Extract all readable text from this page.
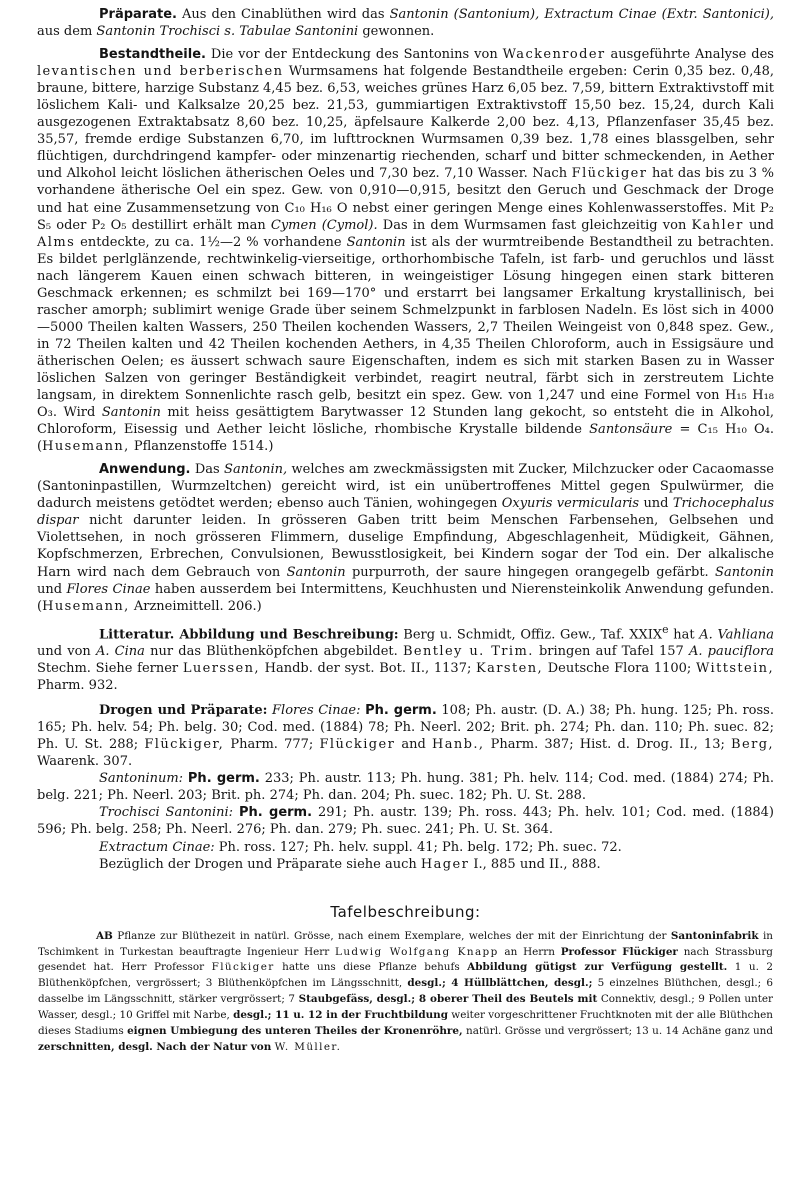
Präparate. Aus den Cinablüthen wird das Santonin (Santonium), Extractum Cinae (Extr. Santonici), aus dem Santonin Trochisci s. Tabulae Santonini gewonnen.

Bestandtheile. Die vor der Entdeckung des Santonins von Wackenroder ausgeführte Analyse des levantischen und berberischen Wurmsamens hat folgende Bestandtheile ergeben: Cerin 0,35 bez. 0,48, braune, bittere, harzige Substanz 4,45 bez. 6,53, weiches grünes Harz 6,05 bez. 7,59, bittern Extraktivstoff mit löslichem Kali- und Kalksalze 20,25 bez. 21,53, gummiartigen Extraktivstoff 15,50 bez. 15,24, durch Kali ausgezogenen Extraktabsatz 8,60 bez. 10,25, äpfelsaure Kalkerde 2,00 bez. 4,13, Pflanzenfaser 35,45 bez. 35,57, fremde erdige Substanzen 6,70, im lufttrocknen Wurmsamen 0,39 bez. 1,78 eines blassgelben, sehr flüchtigen, durchdringend kampfer- oder minzenartig riechenden, scharf und bitter schmeckenden, in Aether und Alkohol leicht löslichen ätherischen Oeles und 7,30 bez. 7,10 Wasser. Nach Flückiger hat das bis zu 3 % vorhandene ätherische Oel ein spez. Gew. von 0,910—0,915, besitzt den Geruch und Geschmack der Droge und hat eine Zusammensetzung von C₁₀ H₁₆ O nebst einer geringen Menge eines Kohlenwasserstoffes. Mit P₂ S₅ oder P₂ O₅ destillirt erhält man Cymen (Cymol). Das in dem Wurmsamen fast gleichzeitig von Kahler und Alms entdeckte, zu ca. 1½—2 % vorhandene Santonin ist als der wurmtreibende Bestandtheil zu betrachten. Es bildet perlglänzende, rechtwinkelig-vierseitige, orthorhombische Tafeln, ist farb- und geruchlos und lässt nach längerem Kauen einen schwach bitteren, in weingeistiger Lösung hingegen einen stark bitteren Geschmack erkennen; es schmilzt bei 169—170° und erstarrt bei langsamer Erkaltung krystallinisch, bei rascher amorph; sublimirt wenige Grade über seinem Schmelzpunkt in farblosen Nadeln. Es löst sich in 4000—5000 Theilen kalten Wassers, 250 Theilen kochenden Wassers, 2,7 Theilen Weingeist von 0,848 spez. Gew., in 72 Theilen kalten und 42 Theilen kochenden Aethers, in 4,35 Theilen Chloroform, auch in Essigsäure und ätherischen Oelen; es äussert schwach saure Eigenschaften, indem es sich mit starken Basen zu in Wasser löslichen Salzen von geringer Beständigkeit verbindet, reagirt neutral, färbt sich in zerstreutem Lichte langsam, in direktem Sonnenlichte rasch gelb, besitzt ein spez. Gew. von 1,247 und eine Formel von H₁₅ H₁₈ O₃. Wird Santonin mit heiss gesättigtem Barytwasser 12 Stunden lang gekocht, so entsteht die in Alkohol, Chloroform, Eisessig und Aether leicht lösliche, rhombische Krystalle bildende Santonsäure = C₁₅ H₁₀ O₄. (Husemann, Pflanzenstoffe 1514.)

Anwendung. Das Santonin, welches am zweckmässigsten mit Zucker, Milchzucker oder Cacaomasse (Santoninpastillen, Wurmzeltchen) gereicht wird, ist ein unübertroffenes Mittel gegen Spulwürmer, die dadurch meistens getödtet werden; ebenso auch Tänien, wohingegen Oxyuris vermicularis und Trichocephalus dispar nicht darunter leiden. In grösseren Gaben tritt beim Menschen Farbensehen, Gelbsehen und Violettsehen, in noch grösseren Flimmern, duselige Empfindung, Abgeschlagenheit, Müdigkeit, Gähnen, Kopfschmerzen, Erbrechen, Convulsionen, Bewusstlosigkeit, bei Kindern sogar der Tod ein. Der alkalische Harn wird nach dem Gebrauch von Santonin purpurroth, der saure hingegen orangegelb gefärbt. Santonin und Flores Cinae haben ausserdem bei Intermittens, Keuchhusten und Nierensteinkolik Anwendung gefunden. (Husemann, Arzneimittell. 206.)

Litteratur. Abbildung und Beschreibung: Berg u. Schmidt, Offiz. Gew., Taf. XXIXe hat A. Vahliana und von A. Cina nur das Blüthenköpfchen abgebildet. Bentley u. Trim. bringen auf Tafel 157 A. pauciflora Stechm. Siehe ferner Luerssen, Handb. der syst. Bot. II., 1137; Karsten, Deutsche Flora 1100; Wittstein, Pharm. 932.

Drogen und Präparate: Flores Cinae: Ph. germ. 108; Ph. austr. (D. A.) 38; Ph. hung. 125; Ph. ross. 165; Ph. helv. 54; Ph. belg. 30; Cod. med. (1884) 78; Ph. Neerl. 202; Brit. ph. 274; Ph. dan. 110; Ph. suec. 82; Ph. U. St. 288; Flückiger, Pharm. 777; Flückiger and Hanb., Pharm. 387; Hist. d. Drog. II., 13; Berg, Waarenk. 307.

Santoninum: Ph. germ. 233; Ph. austr. 113; Ph. hung. 381; Ph. helv. 114; Cod. med. (1884) 274; Ph. belg. 221; Ph. Neerl. 203; Brit. ph. 274; Ph. dan. 204; Ph. suec. 182; Ph. U. St. 288.

Trochisci Santonini: Ph. germ. 291; Ph. austr. 139; Ph. ross. 443; Ph. helv. 101; Cod. med. (1884) 596; Ph. belg. 258; Ph. Neerl. 276; Ph. dan. 279; Ph. suec. 241; Ph. U. St. 364.

Extractum Cinae: Ph. ross. 127; Ph. helv. suppl. 41; Ph. belg. 172; Ph. suec. 72.

Bezüglich der Drogen und Präparate siehe auch Hager I., 885 und II., 888.

Tafelbeschreibung:

AB Pflanze zur Blüthezeit in natürl. Grösse, nach einem Exemplare, welches der mit der Einrichtung der Santoninfabrik in Tschimkent in Turkestan beauftragte Ingenieur Herr Ludwig Wolfgang Knapp an Herrn Professor Flückiger nach Strassburg gesendet hat. Herr Professor Flückiger hatte uns diese Pflanze behufs Abbildung gütigst zur Verfügung gestellt. 1 u. 2 Blüthenköpfchen, vergrössert; 3 Blüthenköpfchen im Längsschnitt, desgl.; 4 Hüllblättchen, desgl.; 5 einzelnes Blüthchen, desgl.; 6 dasselbe im Längsschnitt, stärker vergrössert; 7 Staubgefäss, desgl.; 8 oberer Theil des Beutels mit Connektiv, desgl.; 9 Pollen unter Wasser, desgl.; 10 Griffel mit Narbe, desgl.; 11 u. 12 in der Fruchtbildung weiter vorgeschrittener Fruchtknoten mit der alle Blüthchen dieses Stadiums eignen Umbiegung des unteren Theiles der Kronenröhre, natürl. Grösse und vergrössert; 13 u. 14 Achäne ganz und zerschnitten, desgl. Nach der Natur von W. Müller.
